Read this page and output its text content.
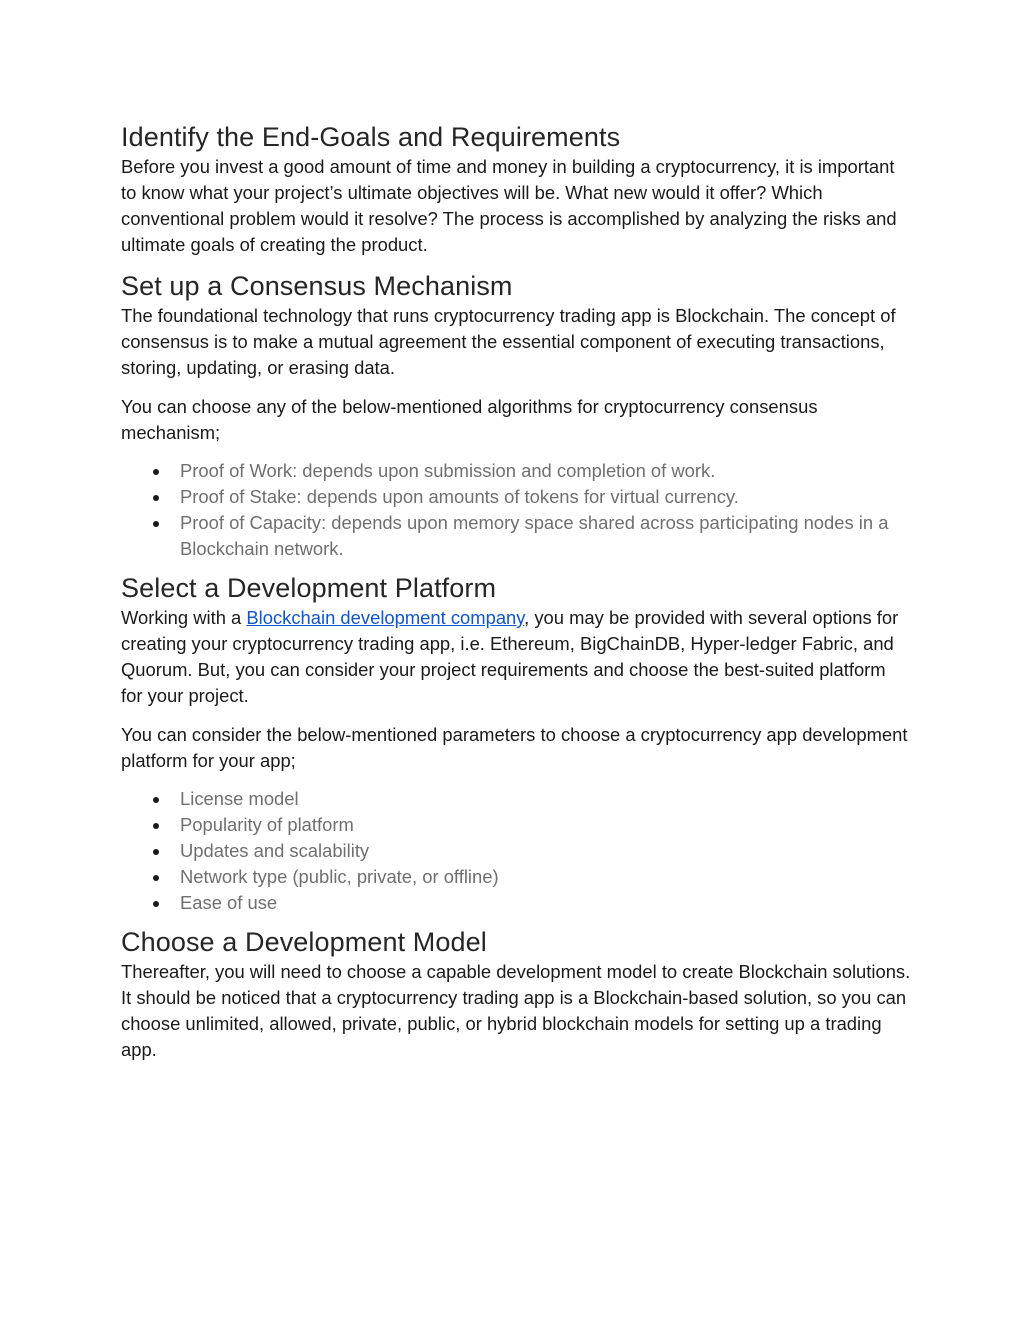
Identify the End-Goals and Requirements

Before you invest a good amount of time and money in building a cryptocurrency, it is important to know what your project’s ultimate objectives will be. What new would it offer? Which conventional problem would it resolve? The process is accomplished by analyzing the risks and ultimate goals of creating the product.

Set up a Consensus Mechanism

The foundational technology that runs cryptocurrency trading app is Blockchain. The concept of consensus is to make a mutual agreement the essential component of executing transactions, storing, updating, or erasing data.

You can choose any of the below-mentioned algorithms for cryptocurrency consensus mechanism;

Proof of Work: depends upon submission and completion of work.
Proof of Stake: depends upon amounts of tokens for virtual currency.
Proof of Capacity: depends upon memory space shared across participating nodes in a Blockchain network.
Select a Development Platform

Working with a Blockchain development company, you may be provided with several options for creating your cryptocurrency trading app, i.e. Ethereum, BigChainDB, Hyper-ledger Fabric, and Quorum. But, you can consider your project requirements and choose the best-suited platform for your project.

You can consider the below-mentioned parameters to choose a cryptocurrency app development platform for your app;

License model
Popularity of platform
Updates and scalability
Network type (public, private, or offline)
Ease of use
Choose a Development Model

Thereafter, you will need to choose a capable development model to create Blockchain solutions. It should be noticed that a cryptocurrency trading app is a Blockchain-based solution, so you can choose unlimited, allowed, private, public, or hybrid blockchain models for setting up a trading app.
